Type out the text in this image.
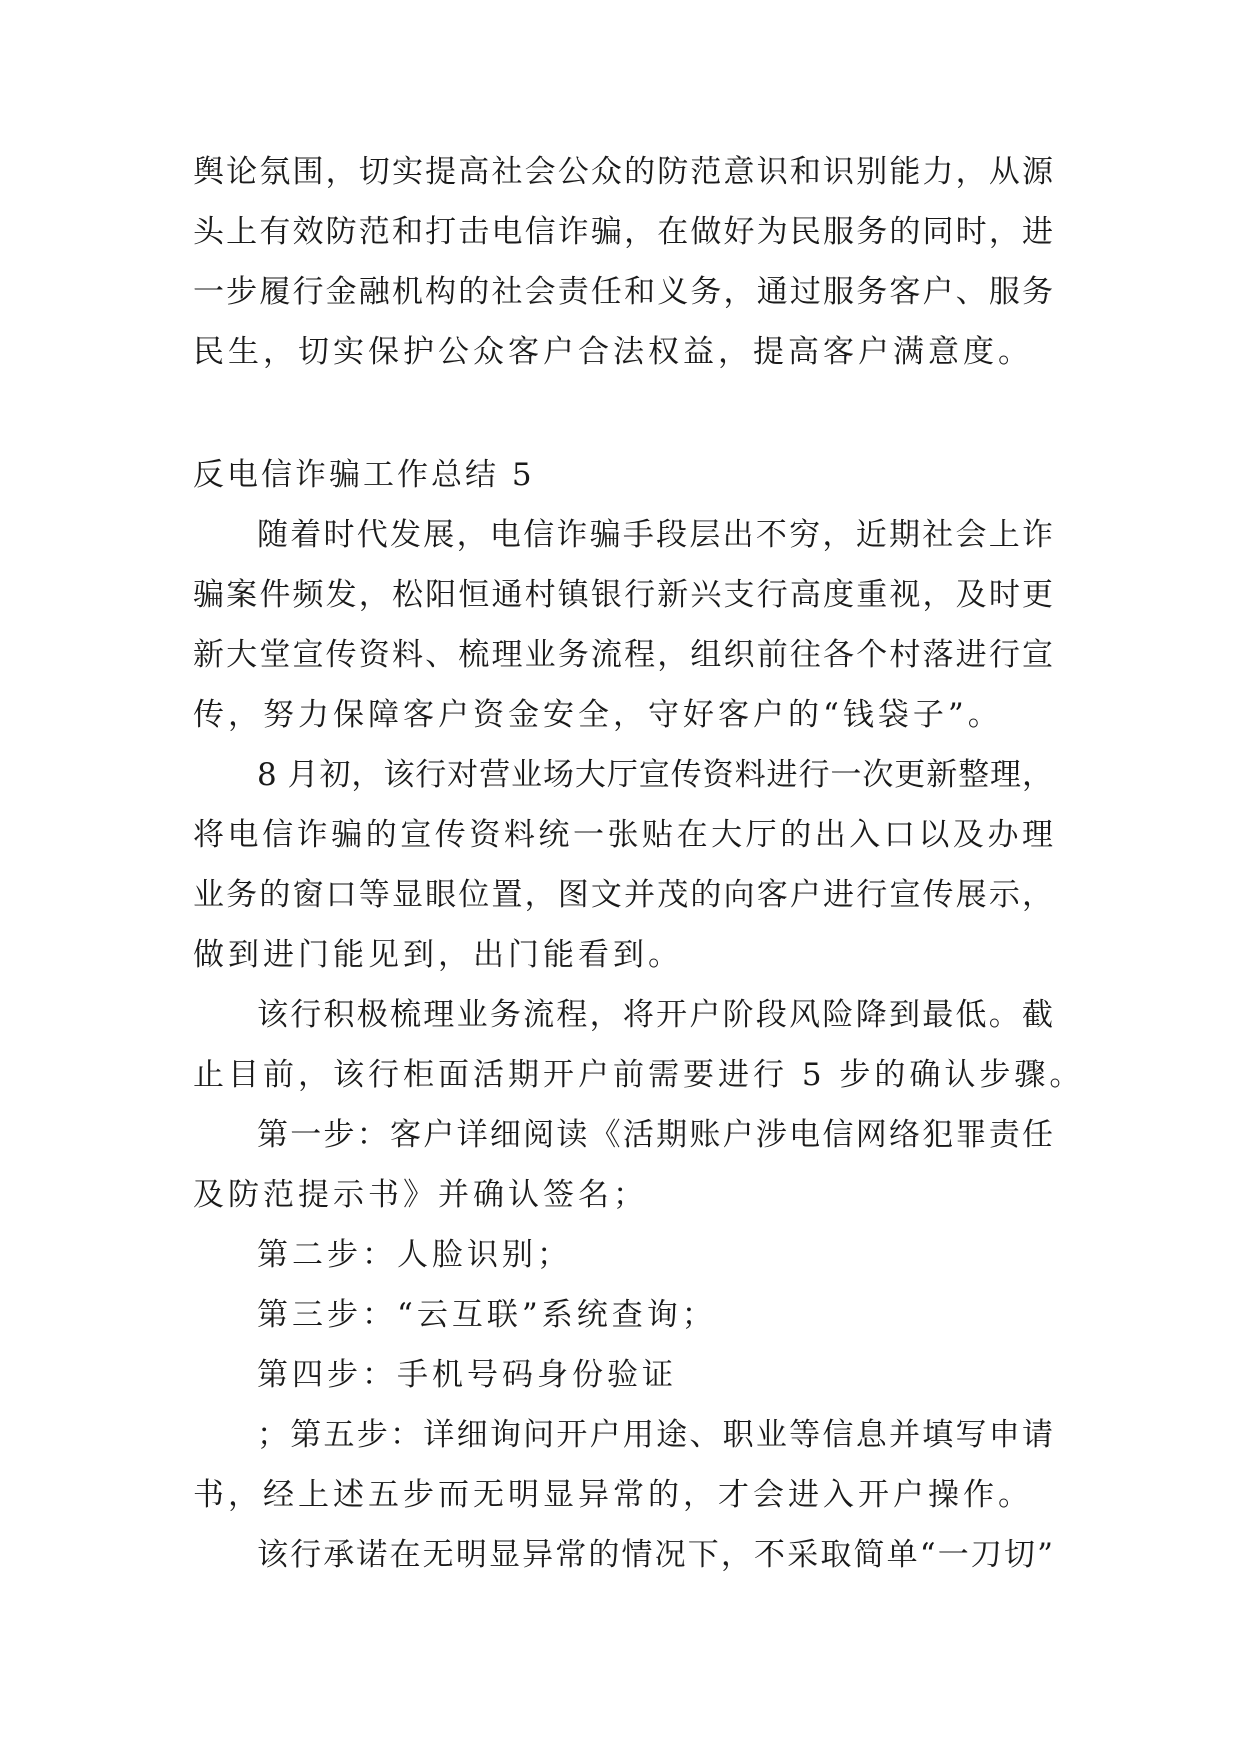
舆论氛围，切实提高社会公众的防范意识和识别能力，从源
头上有效防范和打击电信诈骗，在做好为民服务的同时，进
一步履行金融机构的社会责任和义务，通过服务客户、服务
民生，切实保护公众客户合法权益，提高客户满意度。
反电信诈骗工作总结 5
随着时代发展，电信诈骗手段层出不穷，近期社会上诈
骗案件频发，松阳恒通村镇银行新兴支行高度重视，及时更
新大堂宣传资料、梳理业务流程，组织前往各个村落进行宣
传，努力保障客户资金安全，守好客户的“钱袋子”。
8 月初，该行对营业场大厅宣传资料进行一次更新整理，
将电信诈骗的宣传资料统一张贴在大厅的出入口以及办理
业务的窗口等显眼位置，图文并茂的向客户进行宣传展示，
做到进门能见到，出门能看到。
该行积极梳理业务流程，将开户阶段风险降到最低。截
止目前，该行柜面活期开户前需要进行 5 步的确认步骤。
第一步：客户详细阅读《活期账户涉电信网络犯罪责任
及防范提示书》并确认签名；
第二步：人脸识别；
第三步：“云互联”系统查询；
第四步：手机号码身份验证
；第五步：详细询问开户用途、职业等信息并填写申请
书，经上述五步而无明显异常的，才会进入开户操作。
该行承诺在无明显异常的情况下，不采取简单“一刀切”
